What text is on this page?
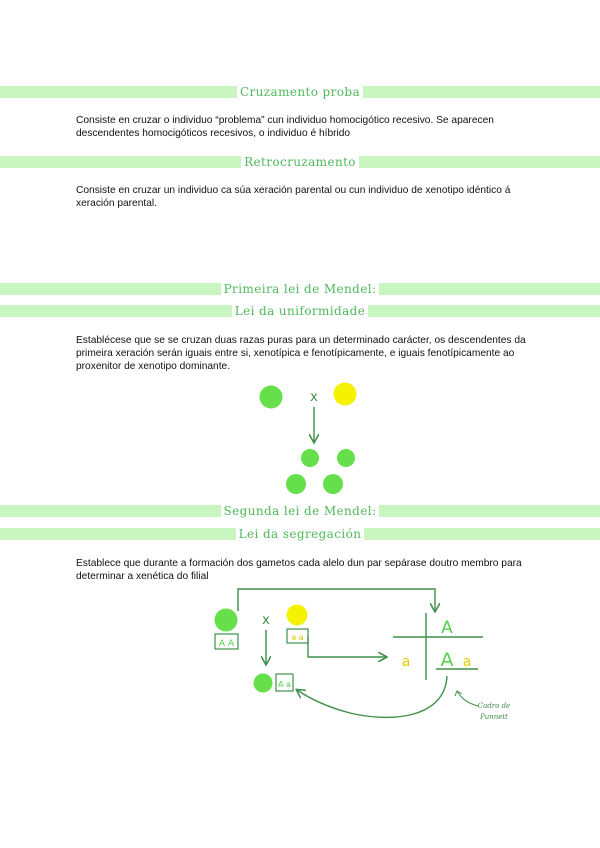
Cruzamento proba

Consiste en cruzar o individuo “problema” cun individuo homocigótico recesivo. Se aparecen descendentes homocigóticos recesivos, o individuo é híbrido

Retrocruzamento

Consiste en cruzar un individuo ca súa xeración parental ou cun individuo de xenotipo idéntico á xeración parental.

Primeira lei de Mendel:
Lei da uniformidade

Establécese que se se cruzan duas razas puras para un determinado carácter, os descendentes da primeira xeración serán iguais entre si, xenotípica e fenotípicamente, e iguais fenotípicamente ao proxenitor de xenotipo dominante.

Segunda lei de Mendel:
Lei da segregación

Establece que durante a formación dos gametos cada alelo dun par sepárase doutro membro para determinar a xenética do filial

x
A A
x
a a
A a
A
a A a
Cadro de
Punnett
